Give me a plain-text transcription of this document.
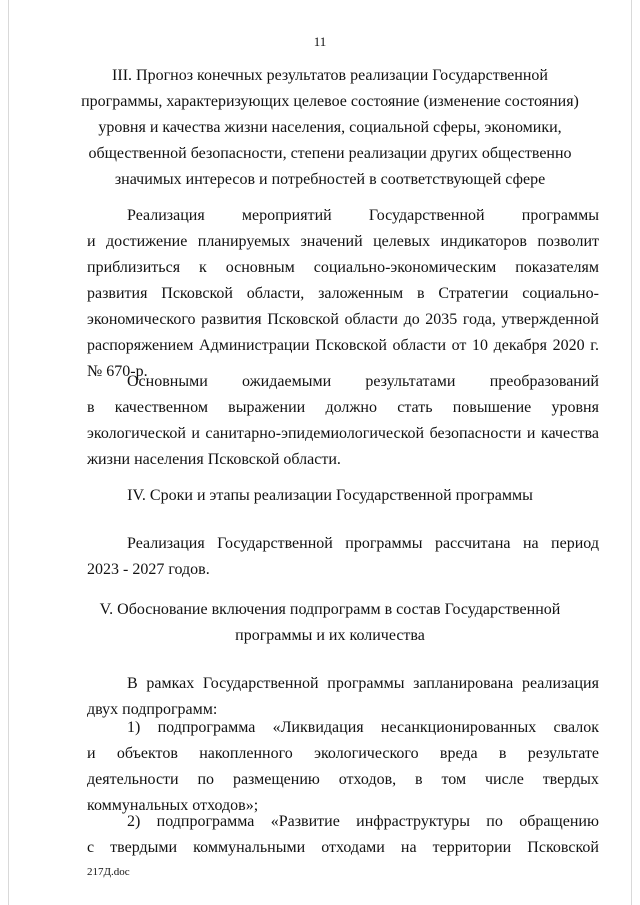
11
III. Прогноз конечных результатов реализации Государственной
программы, характеризующих целевое состояние (изменение состояния)
уровня и качества жизни населения, социальной сферы, экономики,
общественной безопасности, степени реализации других общественно
значимых интересов и потребностей в соответствующей сфере
Реализация мероприятий Государственной программы
и достижение планируемых значений целевых индикаторов позволит
приблизиться к основным социально-экономическим показателям
развития Псковской области, заложенным в Стратегии социально-
экономического развития Псковской области до 2035 года, утвержденной
распоряжением Администрации Псковской области от 10 декабря 2020 г.
№ 670-р.
Основными ожидаемыми результатами преобразований
в качественном выражении должно стать повышение уровня
экологической и санитарно-эпидемиологической безопасности и качества
жизни населения Псковской области.
IV. Сроки и этапы реализации Государственной программы
Реализация Государственной программы рассчитана на период
2023 - 2027 годов.
V. Обоснование включения подпрограмм в состав Государственной
программы и их количества
В рамках Государственной программы запланирована реализация
двух подпрограмм:
1) подпрограмма «Ликвидация несанкционированных свалок
и объектов накопленного экологического вреда в результате
деятельности по размещению отходов, в том числе твердых
коммунальных отходов»;
2) подпрограмма «Развитие инфраструктуры по обращению
с твердыми коммунальными отходами на территории Псковской
217Д.doc
